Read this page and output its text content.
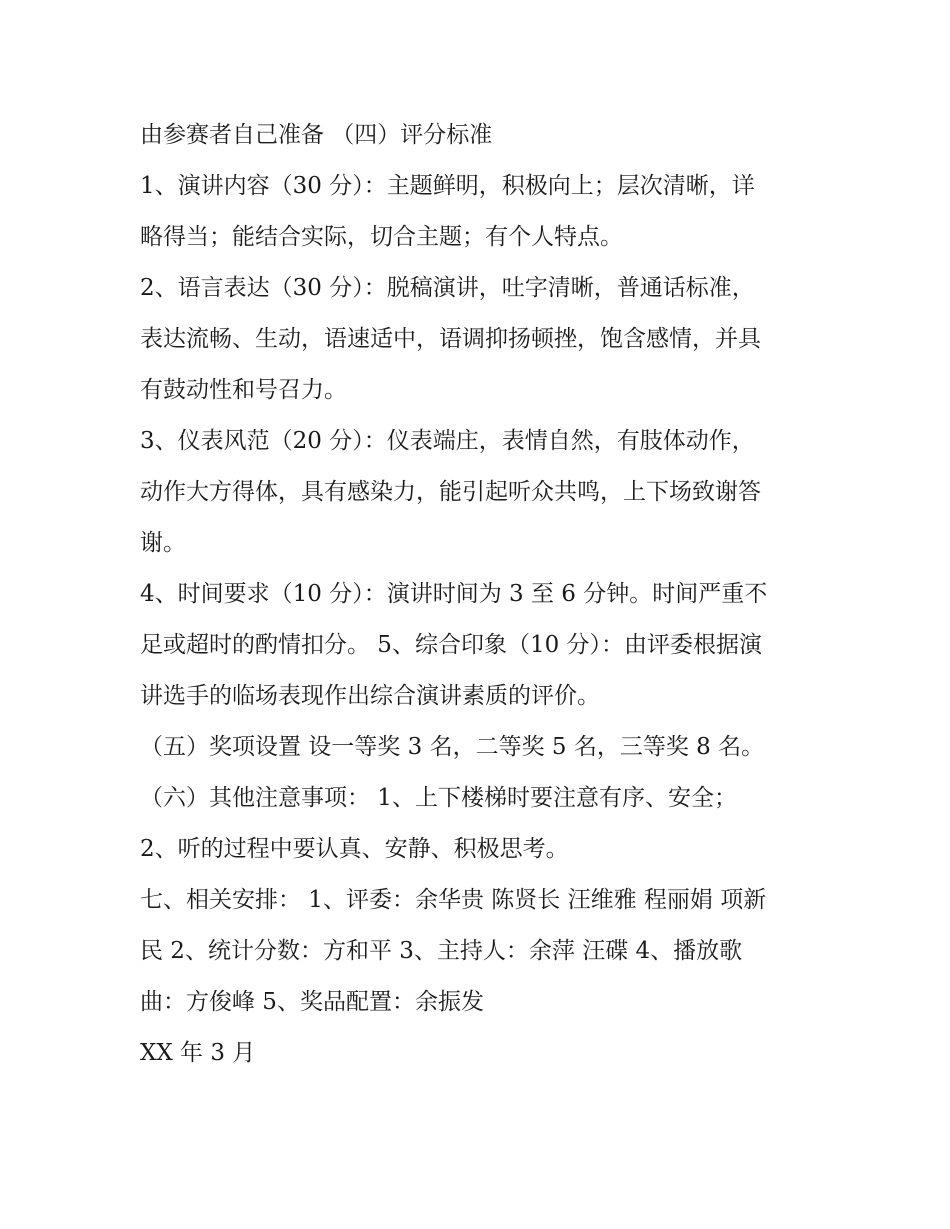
由参赛者自己准备 （四）评分标准
1、演讲内容（30 分）：主题鲜明，积极向上；层次清晰，详
略得当；能结合实际，切合主题；有个人特点。
2、语言表达（30 分）：脱稿演讲，吐字清晰，普通话标准，
表达流畅、生动，语速适中，语调抑扬顿挫，饱含感情，并具
有鼓动性和号召力。
3、仪表风范（20 分）：仪表端庄，表情自然，有肢体动作，
动作大方得体，具有感染力，能引起听众共鸣，上下场致谢答
谢。
4、时间要求（10 分）：演讲时间为 3 至 6 分钟。时间严重不
足或超时的酌情扣分。 5、综合印象（10 分）：由评委根据演
讲选手的临场表现作出综合演讲素质的评价。
（五）奖项设置 设一等奖 3 名，二等奖 5 名，三等奖 8 名。
（六）其他注意事项： 1、上下楼梯时要注意有序、安全；
2、听的过程中要认真、安静、积极思考。
七、相关安排： 1、评委：余华贵 陈贤长 汪维雅 程丽娟 项新
民 2、统计分数：方和平 3、主持人：余萍 汪碟 4、播放歌
曲：方俊峰 5、奖品配置：余振发
XX 年 3 月
